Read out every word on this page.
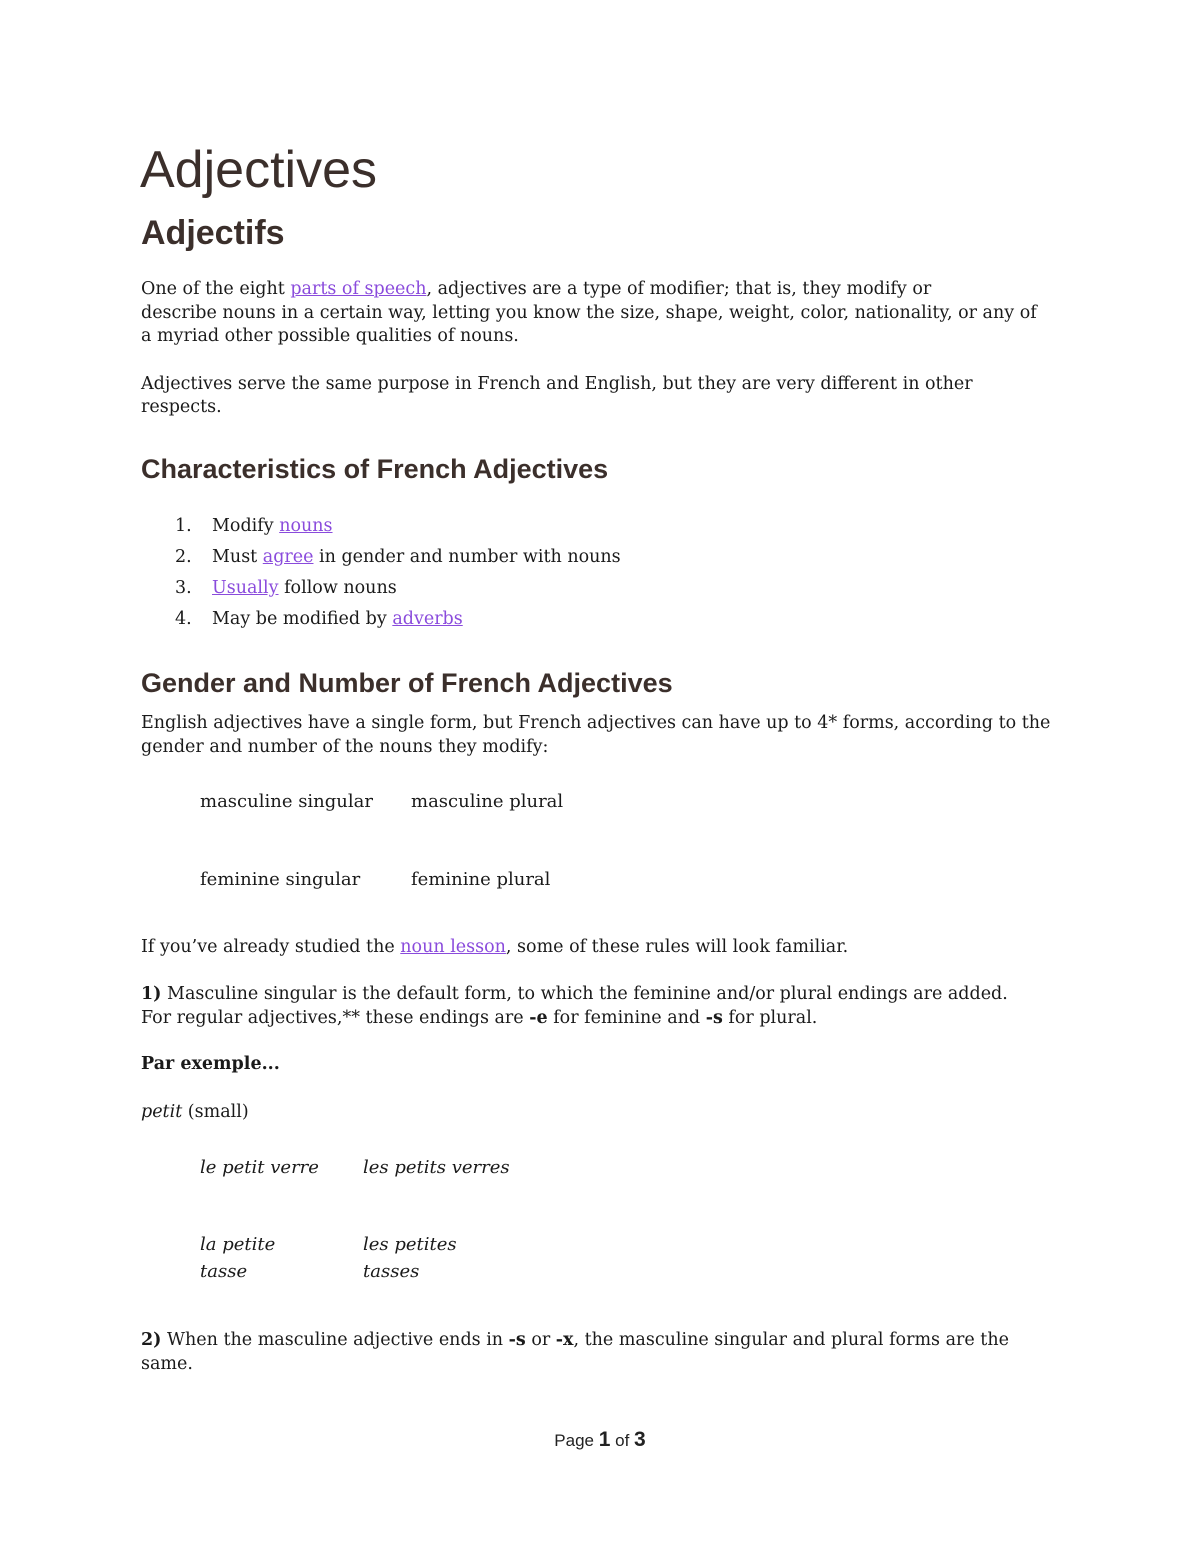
Adjectives
Adjectifs
One of the eight parts of speech, adjectives are a type of modifier; that is, they modify or
describe nouns in a certain way, letting you know the size, shape, weight, color, nationality, or any of
a myriad other possible qualities of nouns.
Adjectives serve the same purpose in French and English, but they are very different in other
respects.
Characteristics of French Adjectives
1. Modify nouns
2. Must agree in gender and number with nouns
3. Usually follow nouns
4. May be modified by adverbs
Gender and Number of French Adjectives
English adjectives have a single form, but French adjectives can have up to 4* forms, according to the
gender and number of the nouns they modify:
masculine singular masculine plural
feminine singular	feminine plural
If you’ve already studied the noun lesson, some of these rules will look familiar.
1) Masculine singular is the default form, to which the feminine and/or plural endings are added.
For regular adjectives,** these endings are -e for feminine and -s for plural.
Par exemple...
petit (small)
le petit verre les petits verres
la petite
tasse
les petites
tasses
2) When the masculine adjective ends in -s or -x, the masculine singular and plural forms are the
same.
Page 1 of 3
